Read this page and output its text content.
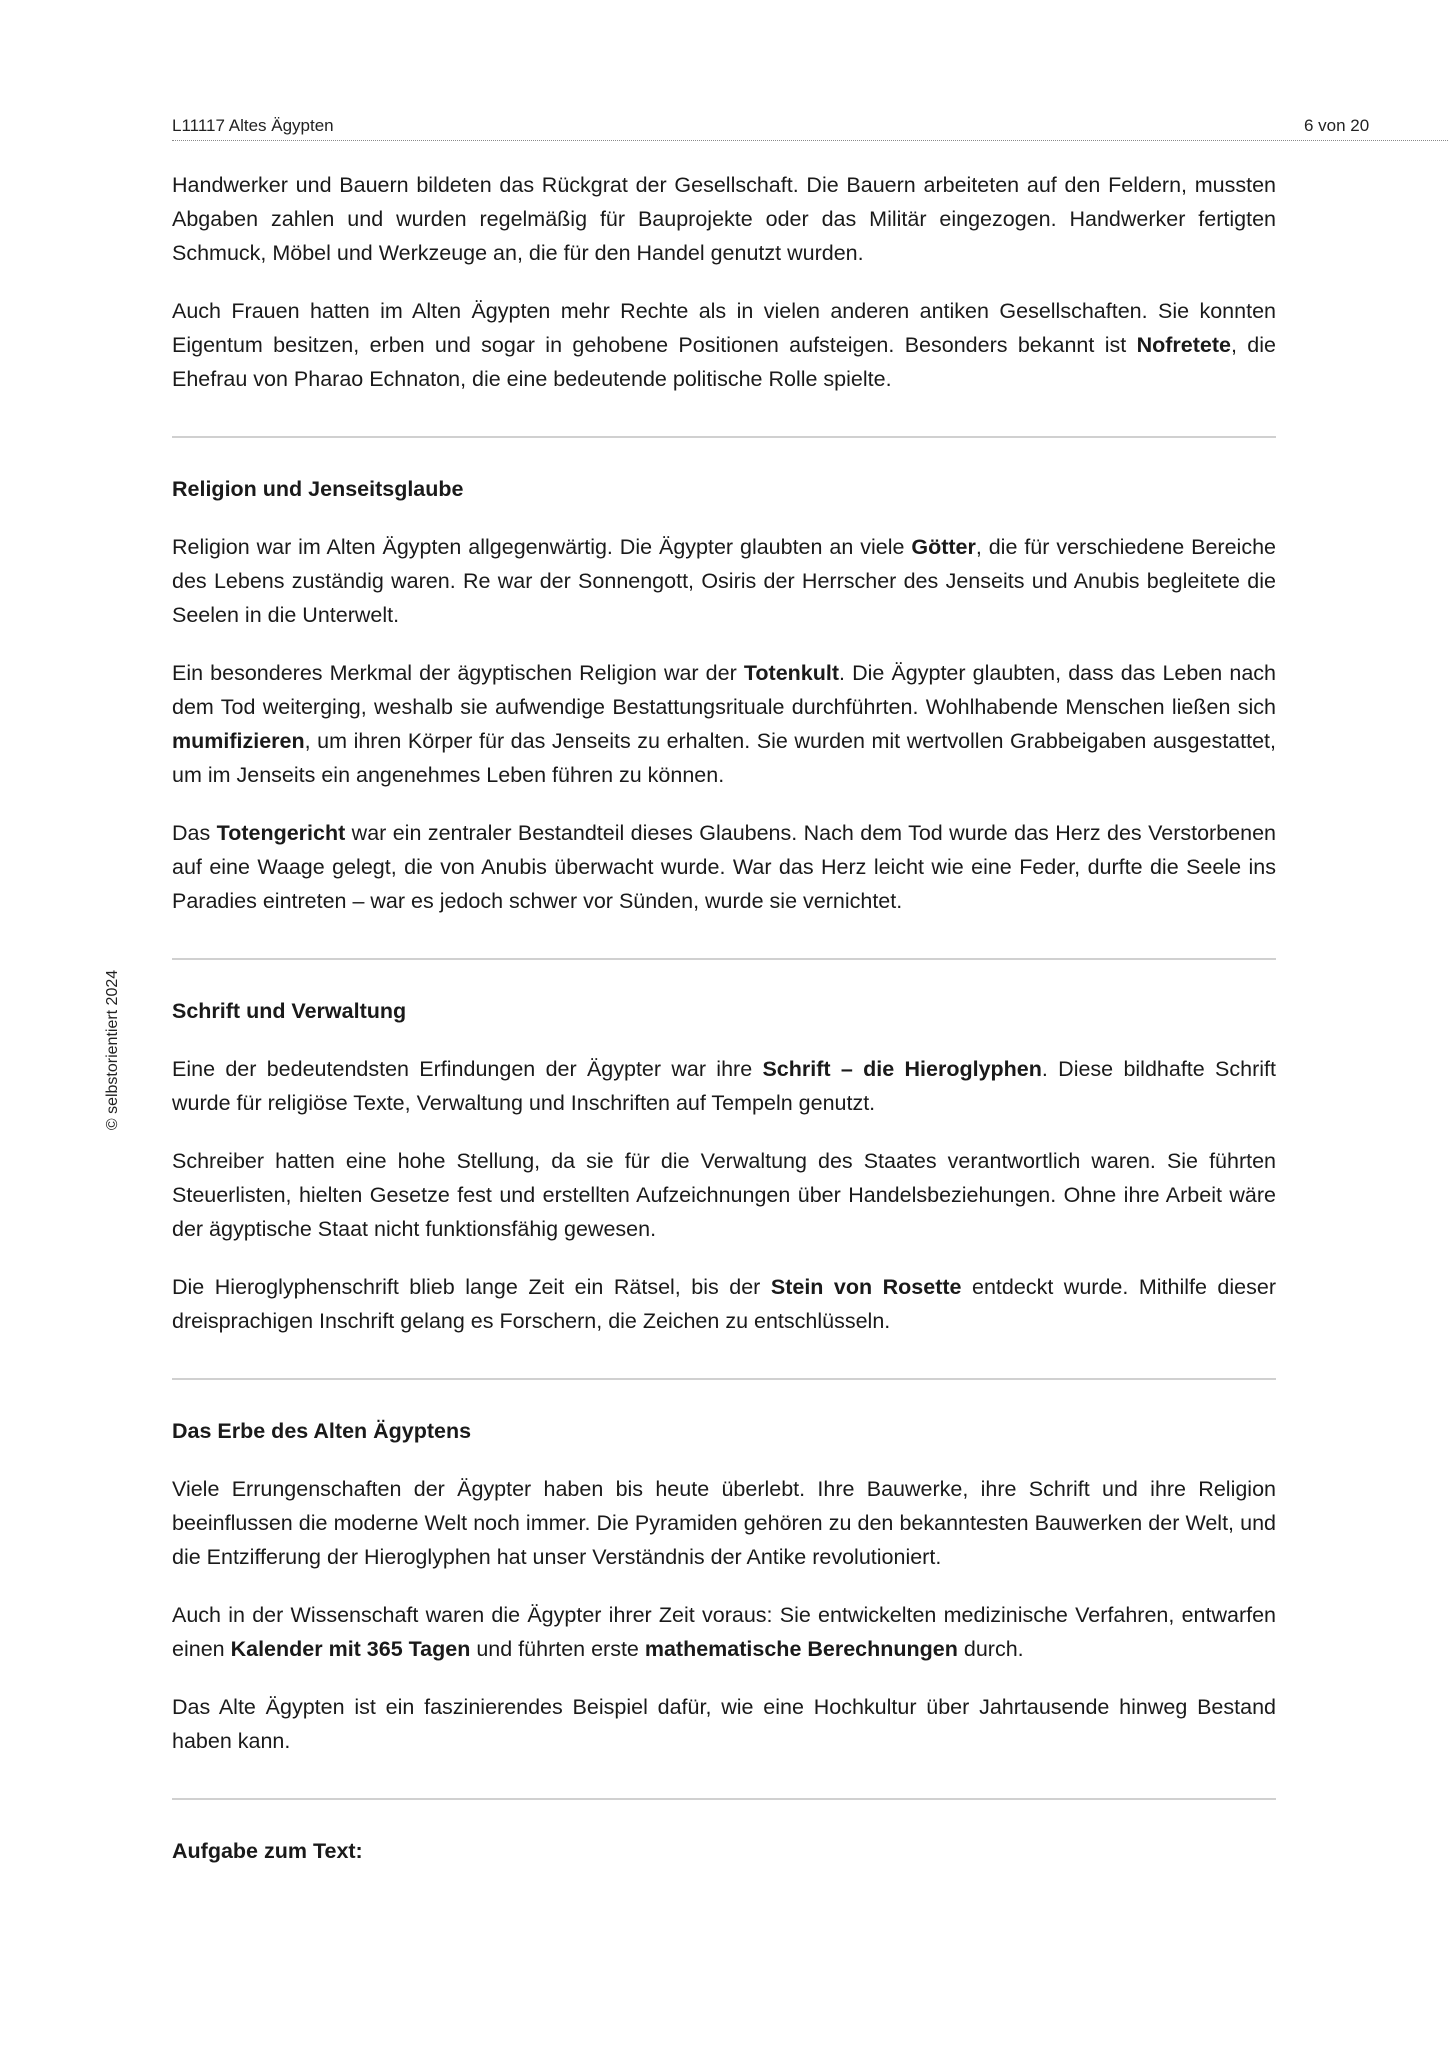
L11117 Altes Ägypten	6 von 20
© selbstorientiert 2024

Handwerker und Bauern bildeten das Rückgrat der Gesellschaft. Die Bauern arbeiteten auf den Feldern, mussten Abgaben zahlen und wurden regelmäßig für Bauprojekte oder das Militär eingezogen. Handwerker fertigten Schmuck, Möbel und Werkzeuge an, die für den Handel genutzt wurden.

Auch Frauen hatten im Alten Ägypten mehr Rechte als in vielen anderen antiken Gesellschaften. Sie konnten Eigentum besitzen, erben und sogar in gehobene Positionen aufsteigen. Besonders bekannt ist Nofretete, die Ehefrau von Pharao Echnaton, die eine bedeutende politische Rolle spielte.

Religion und Jenseitsglaube

Religion war im Alten Ägypten allgegenwärtig. Die Ägypter glaubten an viele Götter, die für verschiedene Bereiche des Lebens zuständig waren. Re war der Sonnengott, Osiris der Herrscher des Jenseits und Anubis begleitete die Seelen in die Unterwelt.

Ein besonderes Merkmal der ägyptischen Religion war der Totenkult. Die Ägypter glaubten, dass das Leben nach dem Tod weiterging, weshalb sie aufwendige Bestattungsrituale durchführten. Wohlhabende Menschen ließen sich mumifizieren, um ihren Körper für das Jenseits zu erhalten. Sie wurden mit wertvollen Grabbeigaben ausgestattet, um im Jenseits ein angenehmes Leben führen zu können.

Das Totengericht war ein zentraler Bestandteil dieses Glaubens. Nach dem Tod wurde das Herz des Verstorbenen auf eine Waage gelegt, die von Anubis überwacht wurde. War das Herz leicht wie eine Feder, durfte die Seele ins Paradies eintreten – war es jedoch schwer vor Sünden, wurde sie vernichtet.

Schrift und Verwaltung

Eine der bedeutendsten Erfindungen der Ägypter war ihre Schrift – die Hieroglyphen. Diese bildhafte Schrift wurde für religiöse Texte, Verwaltung und Inschriften auf Tempeln genutzt.

Schreiber hatten eine hohe Stellung, da sie für die Verwaltung des Staates verantwortlich waren. Sie führten Steuerlisten, hielten Gesetze fest und erstellten Aufzeichnungen über Handelsbeziehungen. Ohne ihre Arbeit wäre der ägyptische Staat nicht funktionsfähig gewesen.

Die Hieroglyphenschrift blieb lange Zeit ein Rätsel, bis der Stein von Rosette entdeckt wurde. Mithilfe dieser dreisprachigen Inschrift gelang es Forschern, die Zeichen zu entschlüsseln.

Das Erbe des Alten Ägyptens

Viele Errungenschaften der Ägypter haben bis heute überlebt. Ihre Bauwerke, ihre Schrift und ihre Religion beeinflussen die moderne Welt noch immer. Die Pyramiden gehören zu den bekanntesten Bauwerken der Welt, und die Entzifferung der Hieroglyphen hat unser Verständnis der Antike revolutioniert.

Auch in der Wissenschaft waren die Ägypter ihrer Zeit voraus: Sie entwickelten medizinische Verfahren, entwarfen einen Kalender mit 365 Tagen und führten erste mathematische Berechnungen durch.

Das Alte Ägypten ist ein faszinierendes Beispiel dafür, wie eine Hochkultur über Jahrtausende hinweg Bestand haben kann.

Aufgabe zum Text:
